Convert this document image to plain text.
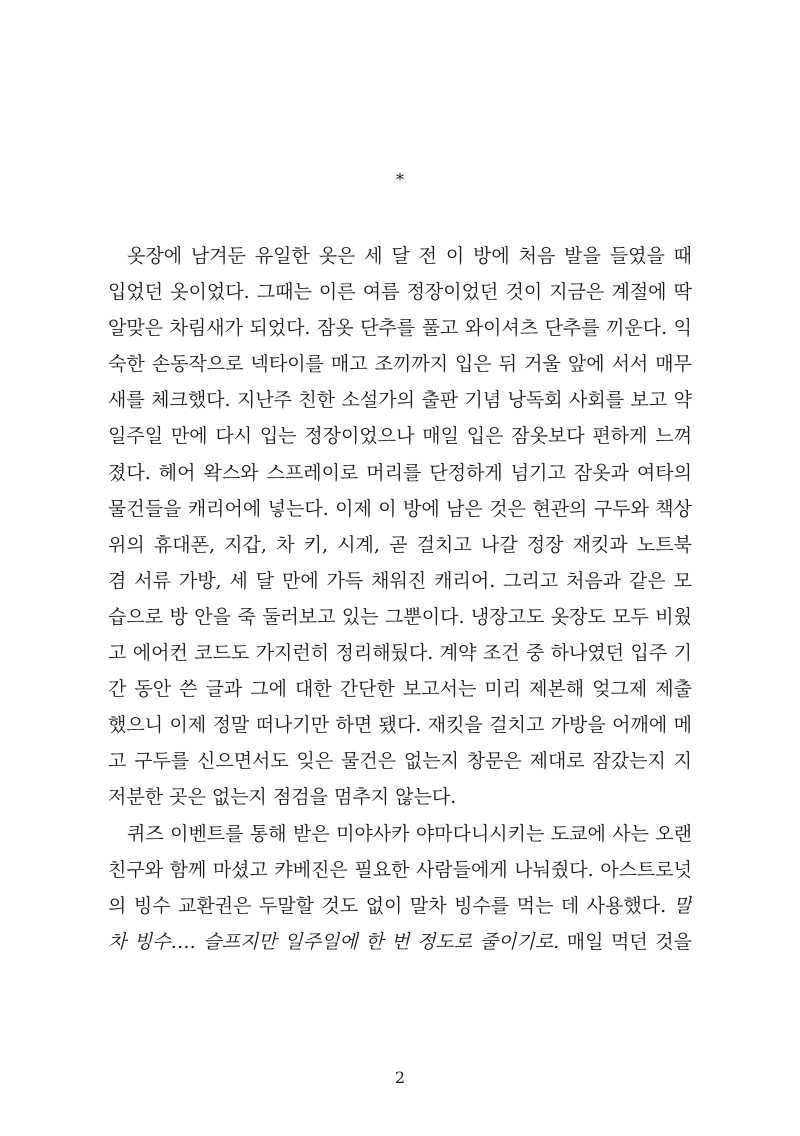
*
옷장에 남겨둔 유일한 옷은 세 달 전 이 방에 처음 발을 들였을 때
입었던 옷이었다. 그때는 이른 여름 정장이었던 것이 지금은 계절에 딱
알맞은 차림새가 되었다. 잠옷 단추를 풀고 와이셔츠 단추를 끼운다. 익
숙한 손동작으로 넥타이를 매고 조끼까지 입은 뒤 거울 앞에 서서 매무
새를 체크했다. 지난주 친한 소설가의 출판 기념 낭독회 사회를 보고 약
일주일 만에 다시 입는 정장이었으나 매일 입은 잠옷보다 편하게 느껴
졌다. 헤어 왁스와 스프레이로 머리를 단정하게 넘기고 잠옷과 여타의
물건들을 캐리어에 넣는다. 이제 이 방에 남은 것은 현관의 구두와 책상
위의 휴대폰, 지갑, 차 키, 시계, 곧 걸치고 나갈 정장 재킷과 노트북
겸 서류 가방, 세 달 만에 가득 채워진 캐리어. 그리고 처음과 같은 모
습으로 방 안을 죽 둘러보고 있는 그뿐이다. 냉장고도 옷장도 모두 비웠
고 에어컨 코드도 가지런히 정리해뒀다. 계약 조건 중 하나였던 입주 기
간 동안 쓴 글과 그에 대한 간단한 보고서는 미리 제본해 엊그제 제출
했으니 이제 정말 떠나기만 하면 됐다. 재킷을 걸치고 가방을 어깨에 메
고 구두를 신으면서도 잊은 물건은 없는지 창문은 제대로 잠갔는지 지
저분한 곳은 없는지 점검을 멈추지 않는다.
퀴즈 이벤트를 통해 받은 미야사카 야마다니시키는 도쿄에 사는 오랜
친구와 함께 마셨고 캬베진은 필요한 사람들에게 나눠줬다. 아스트로넛
의 빙수 교환권은 두말할 것도 없이 말차 빙수를 먹는 데 사용했다. 말
차 빙수…. 슬프지만 일주일에 한 번 정도로 줄이기로. 매일 먹던 것을
2
